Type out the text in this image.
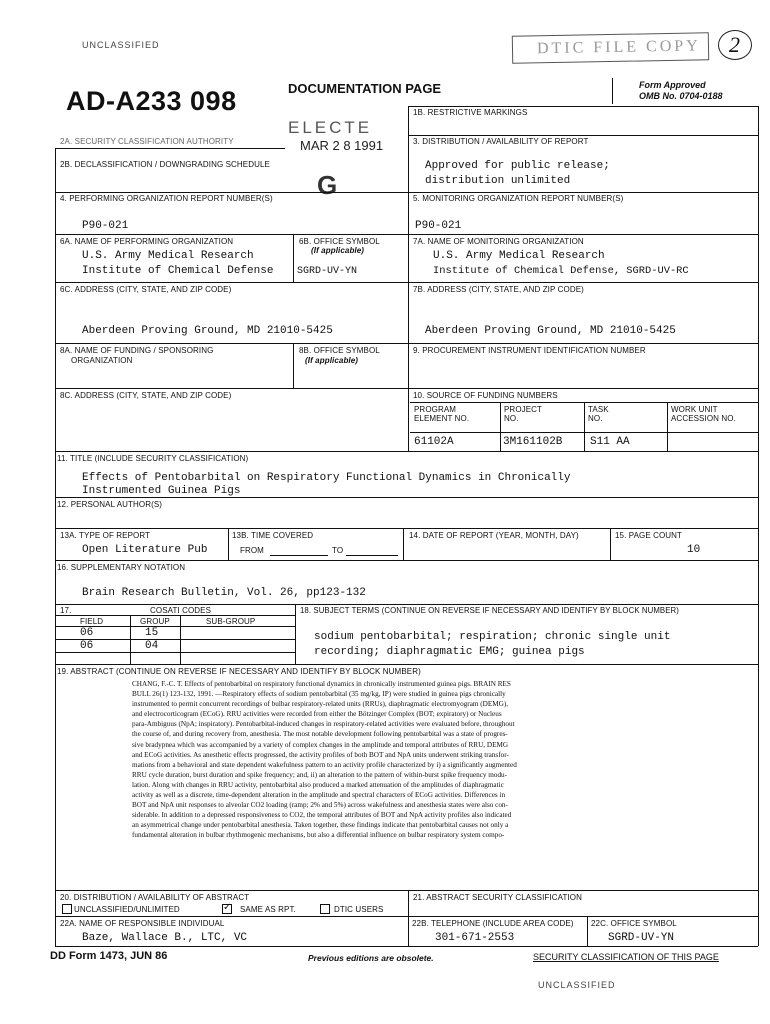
UNCLASSIFIED	DTIC FILE COPY 2
AD-A233 098	DOCUMENTATION PAGE	Form Approved
OMB No. 0704-0188
ELECTE
MAR 2 8 1991
G
1B. RESTRICTIVE MARKINGS
2A. SECURITY CLASSIFICATION AUTHORITY
2B. DECLASSIFICATION / DOWNGRADING SCHEDULE
3. DISTRIBUTION / AVAILABILITY OF REPORT
Approved for public release;
distribution unlimited
4. PERFORMING ORGANIZATION REPORT NUMBER(S)
P90-021
5. MONITORING ORGANIZATION REPORT NUMBER(S)
P90-021
6A. NAME OF PERFORMING ORGANIZATION
U.S. Army Medical Research
Institute of Chemical Defense
6B. OFFICE SYMBOL
(If applicable)
SGRD-UV-YN
7A. NAME OF MONITORING ORGANIZATION
U.S. Army Medical Research
Institute of Chemical Defense, SGRD-UV-RC
6C. ADDRESS (CITY, STATE, AND ZIP CODE)
Aberdeen Proving Ground, MD 21010-5425
7B. ADDRESS (CITY, STATE, AND ZIP CODE)
Aberdeen Proving Ground, MD 21010-5425
8A. NAME OF FUNDING / SPONSORING
ORGANIZATION
8B. OFFICE SYMBOL
(If applicable)
9. PROCUREMENT INSTRUMENT IDENTIFICATION NUMBER
8C. ADDRESS (CITY, STATE, AND ZIP CODE)	10. SOURCE OF FUNDING NUMBERS
PROGRAM
ELEMENT NO.
PROJECT
NO.
TASK
NO.
WORK UNIT
ACCESSION NO.
61102A	3M161102B	S11 AA
11. TITLE (INCLUDE SECURITY CLASSIFICATION)
Effects of Pentobarbital on Respiratory Functional Dynamics in Chronically
Instrumented Guinea Pigs
12. PERSONAL AUTHOR(S)
13A. TYPE OF REPORT
Open Literature Pub
13B. TIME COVERED
FROM	TO
14. DATE OF REPORT (YEAR, MONTH, DAY)	15. PAGE COUNT
10
16. SUPPLEMENTARY NOTATION
Brain Research Bulletin, Vol. 26, pp123-132
17.	COSATI CODES
FIELD	GROUP	SUB-GROUP
06	15
06	04
18. SUBJECT TERMS (CONTINUE ON REVERSE IF NECESSARY AND IDENTIFY BY BLOCK NUMBER)
sodium pentobarbital; respiration; chronic single unit
recording; diaphragmatic EMG; guinea pigs
19. ABSTRACT (CONTINUE ON REVERSE IF NECESSARY AND IDENTIFY BY BLOCK NUMBER)
CHANG, F.-C. T. Effects of pentobarbital on respiratory functional dynamics in chronically instrumented guinea pigs. BRAIN RES
BULL 26(1) 123-132, 1991. —Respiratory effects of sodium pentobarbital (35 mg/kg, IP) were studied in guinea pigs chronically
instrumented to permit concurrent recordings of bulbar respiratory-related units (RRUs), diaphragmatic electromyogram (DEMG),
and electrocorticogram (ECoG). RRU activities were recorded from either the Bötzinger Complex (BOT; expiratory) or Nucleus
para-Ambiguus (NpA; inspiratory). Pentobarbital-induced changes in respiratory-related activities were evaluated before, throughout
the course of, and during recovery from, anesthesia. The most notable development following pentobarbital was a state of progres-
sive bradypnea which was accompanied by a variety of complex changes in the amplitude and temporal attributes of RRU, DEMG
and ECoG activities. As anesthetic effects progressed, the activity profiles of both BOT and NpA units underwent striking transfor-
mations from a behavioral and state dependent wakefulness pattern to an activity profile characterized by i) a significantly augmented
RRU cycle duration, burst duration and spike frequency; and, ii) an alteration to the pattern of within-burst spike frequency modu-
lation. Along with changes in RRU activity, pentobarbital also produced a marked attenuation of the amplitudes of diaphragmatic
activity as well as a discrete, time-dependent alteration in the amplitude and spectral characters of ECoG activities. Differences in
BOT and NpA unit responses to alveolar CO2 loading (ramp; 2% and 5%) across wakefulness and anesthesia states were also con-
siderable. In addition to a depressed responsiveness to CO2, the temporal attributes of BOT and NpA activity profiles also indicated
an asymmetrical change under pentobarbital anesthesia. Taken together, these findings indicate that pentobarbital causes not only a
fundamental alteration in bulbar rhythmogenic mechanisms, but also a differential influence on bulbar respiratory system compo-
20. DISTRIBUTION / AVAILABILITY OF ABSTRACT
UNCLASSIFIED/UNLIMITED	✓ SAME AS RPT.	DTIC USERS
21. ABSTRACT SECURITY CLASSIFICATION
22A. NAME OF RESPONSIBLE INDIVIDUAL
Baze, Wallace B., LTC, VC
22B. TELEPHONE (INCLUDE AREA CODE)
301-671-2553
22C. OFFICE SYMBOL
SGRD-UV-YN
DD Form 1473, JUN 86	Previous editions are obsolete.	SECURITY CLASSIFICATION OF THIS PAGE
UNCLASSIFIED
